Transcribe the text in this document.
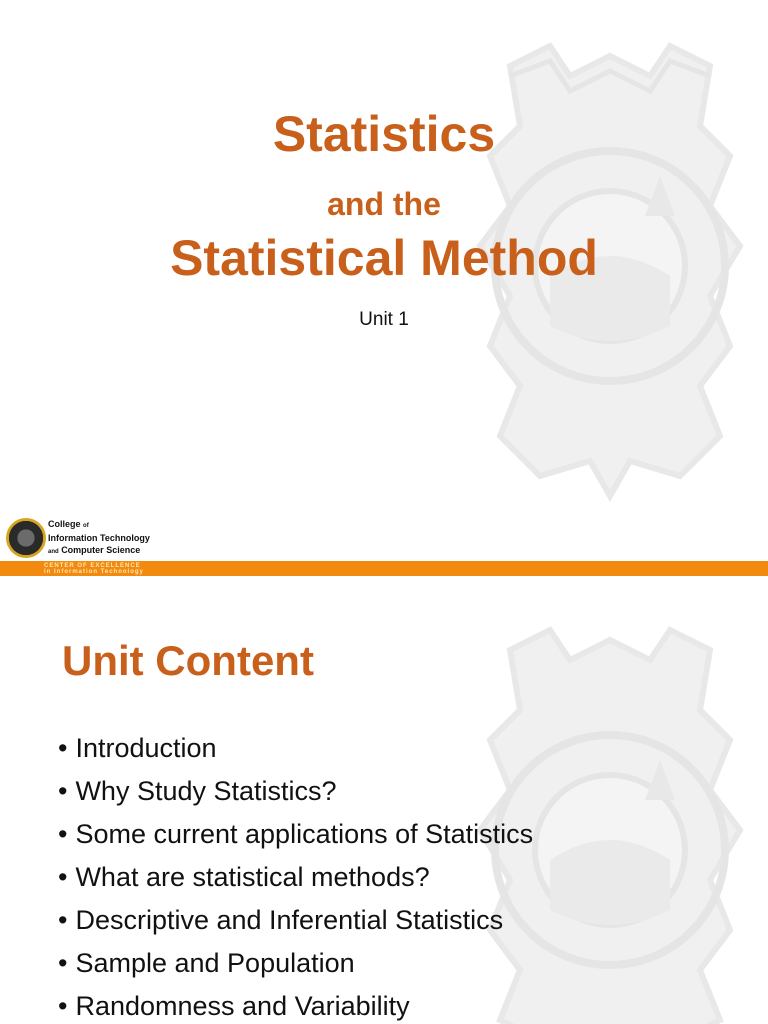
Statistics
and the
Statistical Method
Unit 1
College of
Information Technology
and Computer Science
CENTER OF EXCELLENCE
in Information Technology
Unit Content
• Introduction
• Why Study Statistics?
• Some current applications of Statistics
• What are statistical methods?
• Descriptive and Inferential Statistics
• Sample and Population
• Randomness and Variability
